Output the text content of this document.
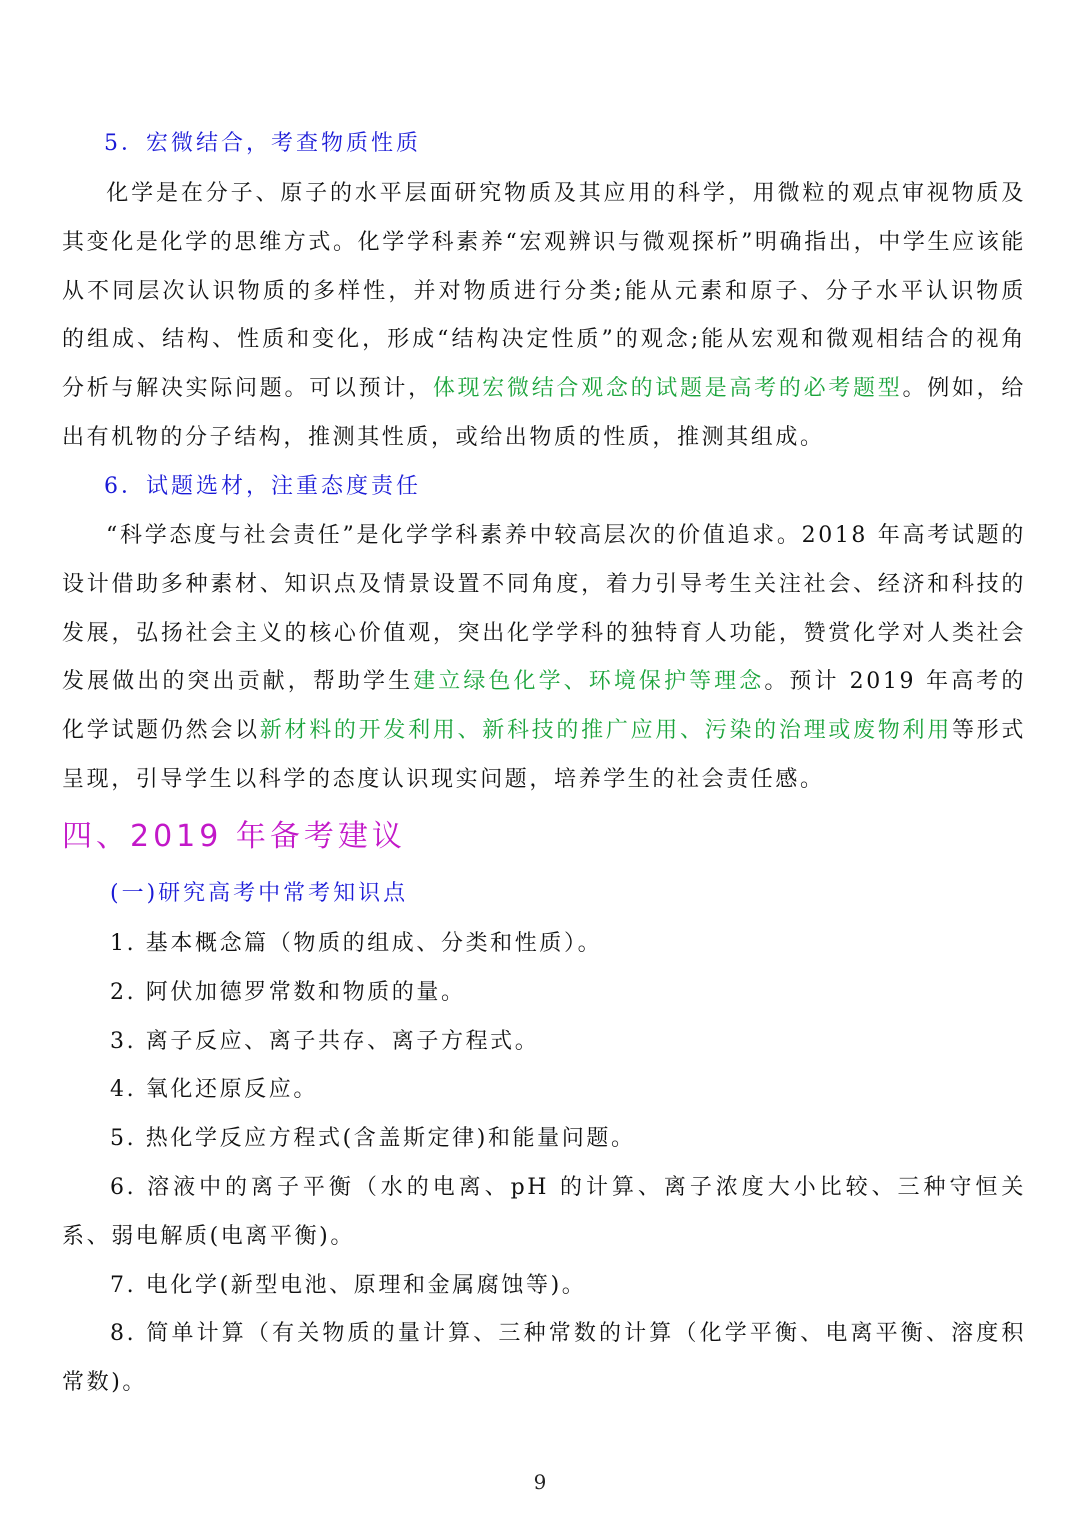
5．宏微结合，考查物质性质
化学是在分子、原子的水平层面研究物质及其应用的科学，用微粒的观点审视物质及其变化是化学的思维方式。化学学科素养“宏观辨识与微观探析”明确指出，中学生应该能从不同层次认识物质的多样性，并对物质进行分类;能从元素和原子、分子水平认识物质的组成、结构、性质和变化，形成“结构决定性质”的观念;能从宏观和微观相结合的视角分析与解决实际问题。可以预计，体现宏微结合观念的试题是高考的必考题型。例如，给出有机物的分子结构，推测其性质，或给出物质的性质，推测其组成。
6．试题选材，注重态度责任
“科学态度与社会责任”是化学学科素养中较高层次的价值追求。2018 年高考试题的设计借助多种素材、知识点及情景设置不同角度，着力引导考生关注社会、经济和科技的发展，弘扬社会主义的核心价值观，突出化学学科的独特育人功能，赞赏化学对人类社会发展做出的突出贡献，帮助学生建立绿色化学、环境保护等理念。预计 2019 年高考的化学试题仍然会以新材料的开发利用、新科技的推广应用、污染的治理或废物利用等形式呈现，引导学生以科学的态度认识现实问题，培养学生的社会责任感。
四、2019 年备考建议
(一)研究高考中常考知识点
1. 基本概念篇（物质的组成、分类和性质）。
2. 阿伏加德罗常数和物质的量。
3. 离子反应、离子共存、离子方程式。
4. 氧化还原反应。
5. 热化学反应方程式(含盖斯定律)和能量问题。
6. 溶液中的离子平衡（水的电离、pH 的计算、离子浓度大小比较、三种守恒关系、弱电解质(电离平衡)。
7. 电化学(新型电池、原理和金属腐蚀等)。
8. 简单计算（有关物质的量计算、三种常数的计算（化学平衡、电离平衡、溶度积常数)。
9
